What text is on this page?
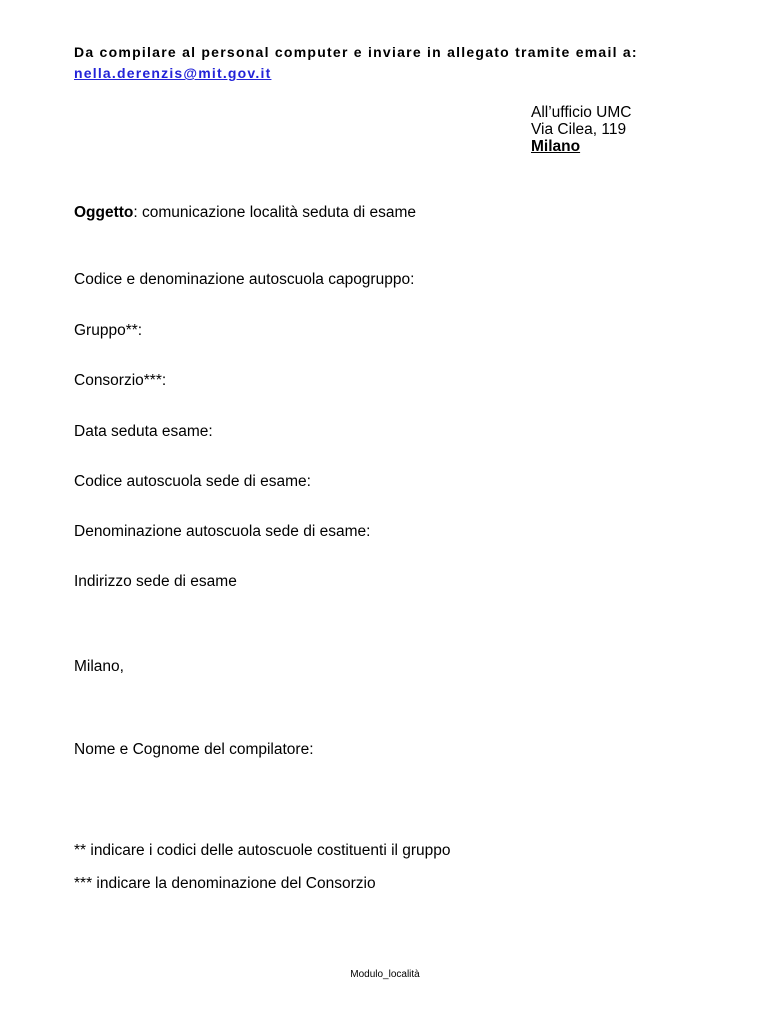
Da compilare al personal computer e inviare in allegato tramite email a:
nella.derenzis@mit.gov.it
All’ufficio UMC
Via Cilea, 119
Milano
Oggetto: comunicazione località seduta di esame
Codice e denominazione autoscuola capogruppo:
Gruppo**:
Consorzio***:
Data seduta esame:
Codice autoscuola sede di esame:
Denominazione autoscuola sede di esame:
Indirizzo sede di esame
Milano,
Nome e Cognome del compilatore:
** indicare i codici delle autoscuole costituenti il gruppo
*** indicare la denominazione del Consorzio
Modulo_località
